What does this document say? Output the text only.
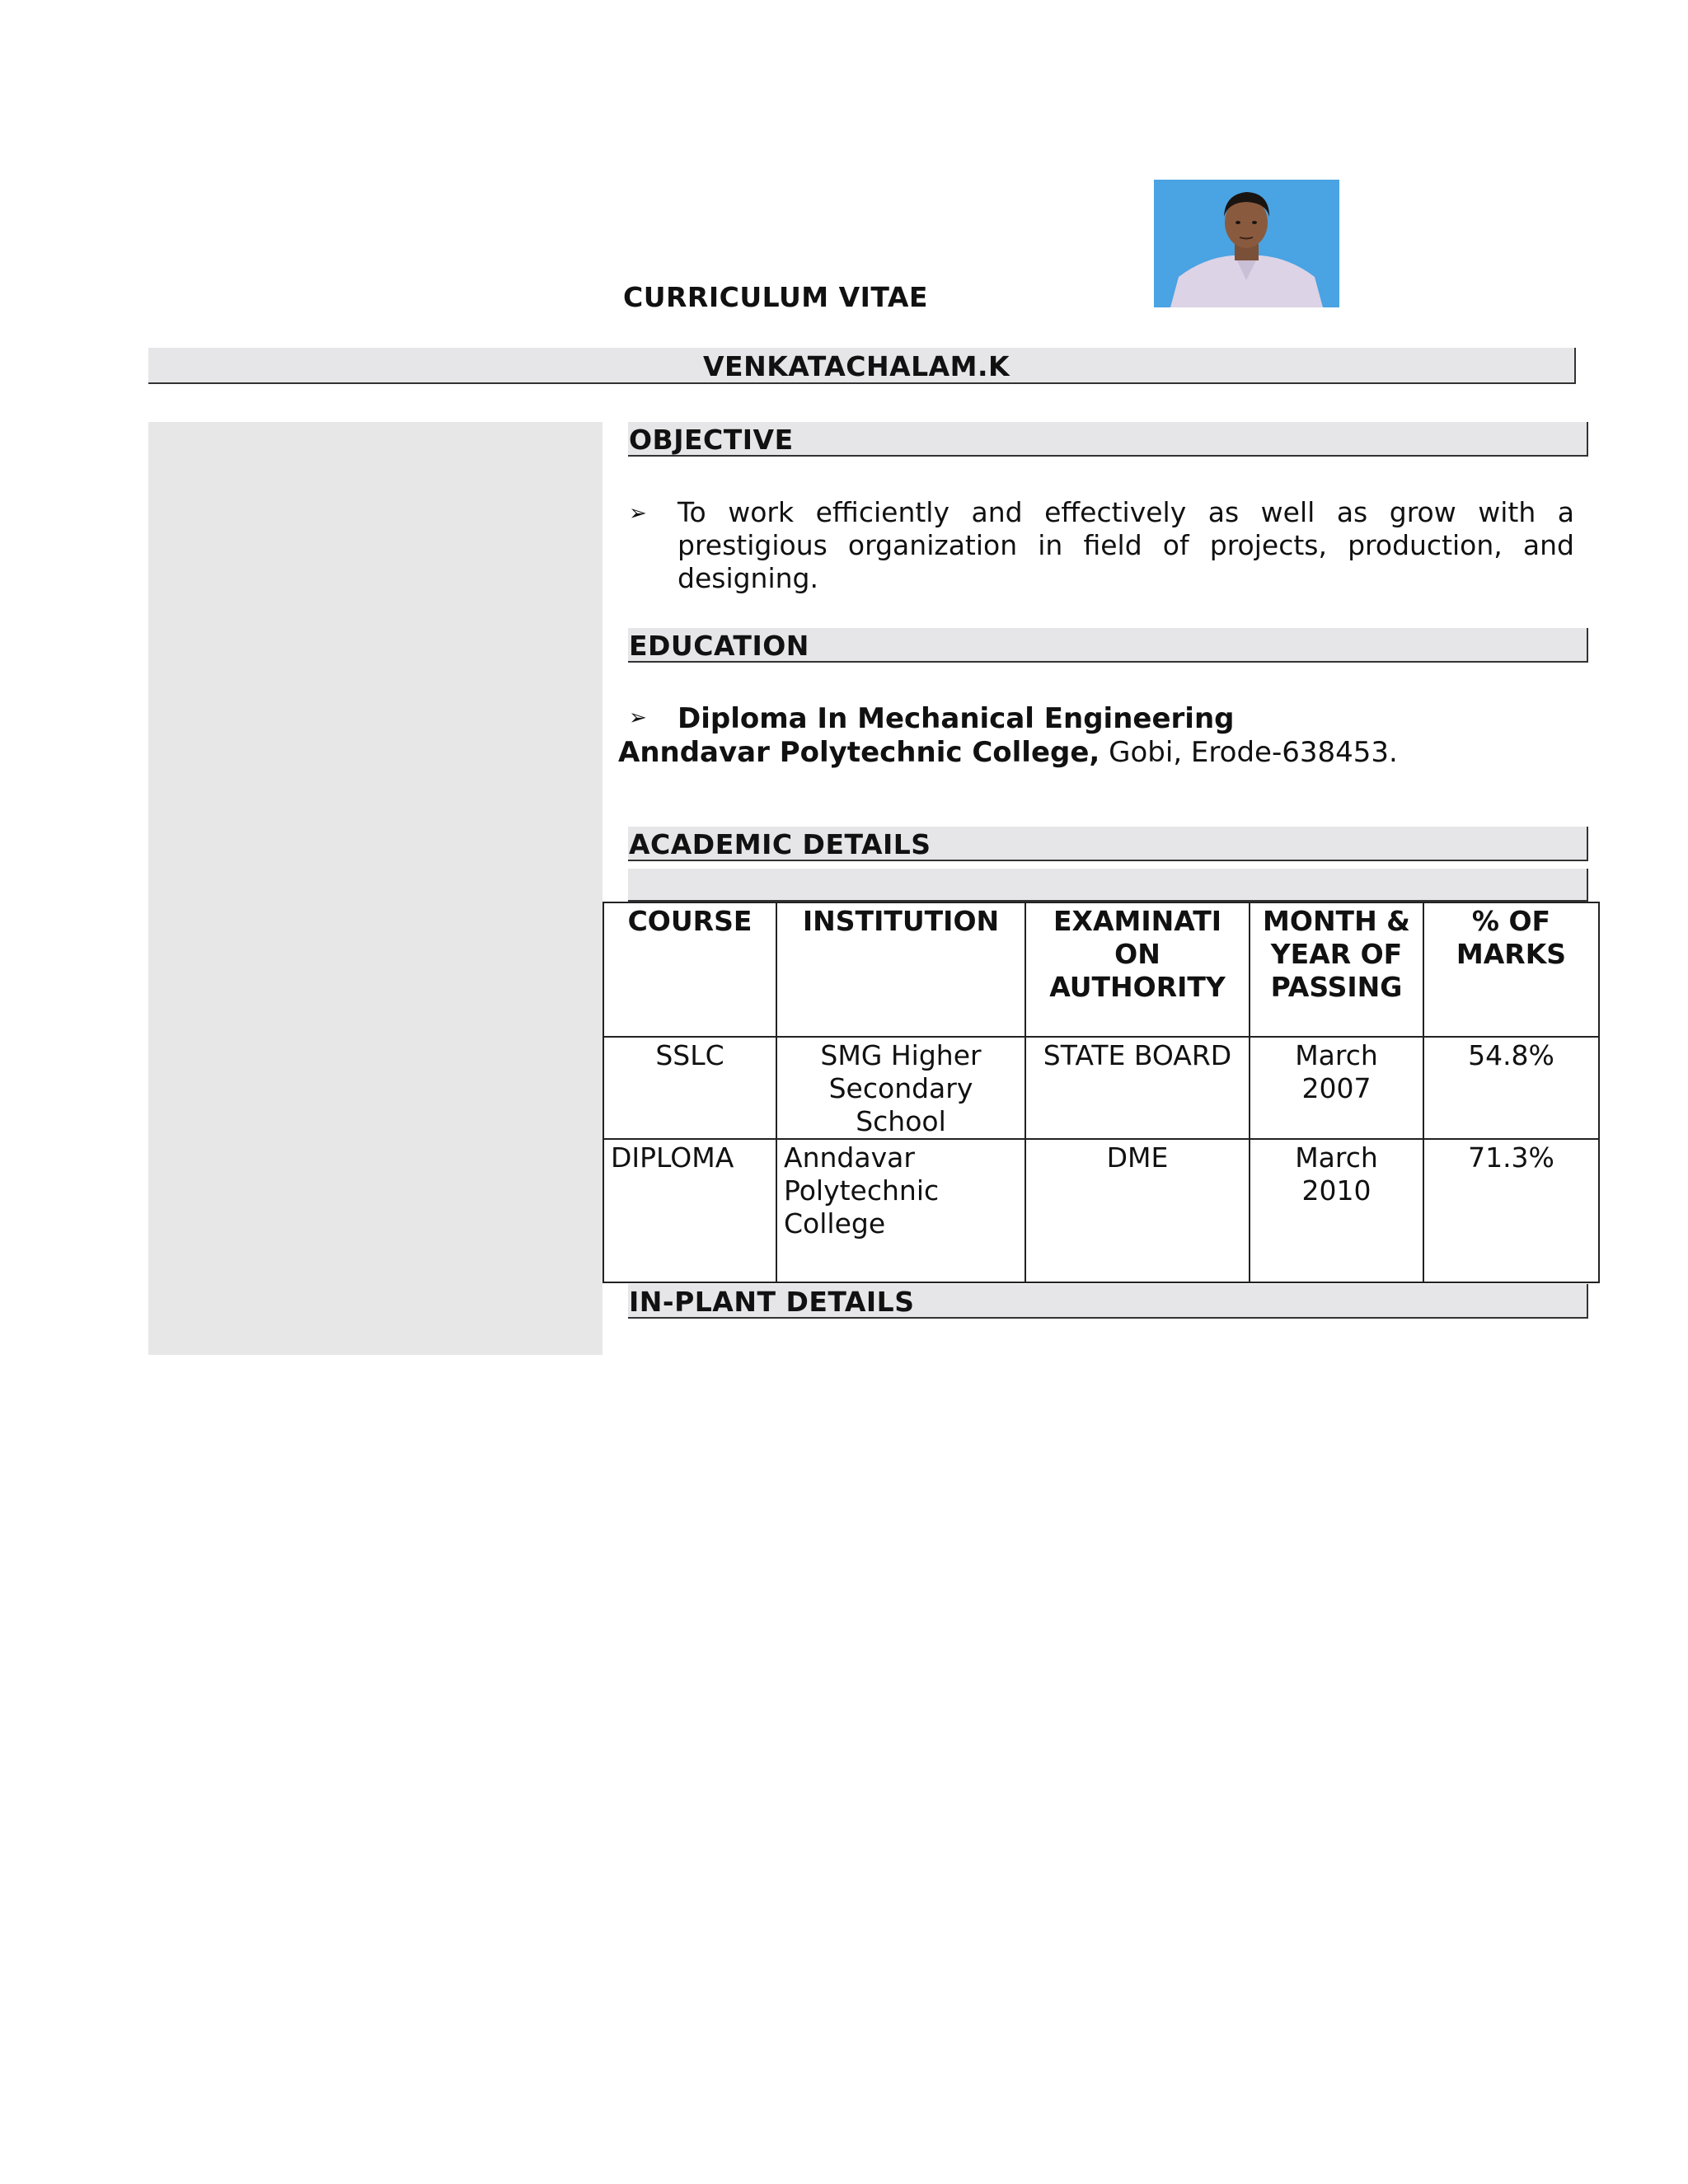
CURRICULUM VITAE
VENKATACHALAM.K
OBJECTIVE
➢ To work efficiently and effectively as well as grow with a prestigious organization in field of projects, production, and designing.
EDUCATION
➢ Diploma In Mechanical Engineering
Anndavar Polytechnic College, Gobi, Erode-638453.
ACADEMIC DETAILS
COURSE	INSTITUTION	EXAMINATI ON AUTHORITY	MONTH & YEAR OF PASSING	% OF MARKS
SSLC	SMG Higher Secondary School	STATE BOARD	March 2007	54.8%
DIPLOMA	Anndavar Polytechnic College	DME	March 2010	71.3%
IN-PLANT DETAILS
